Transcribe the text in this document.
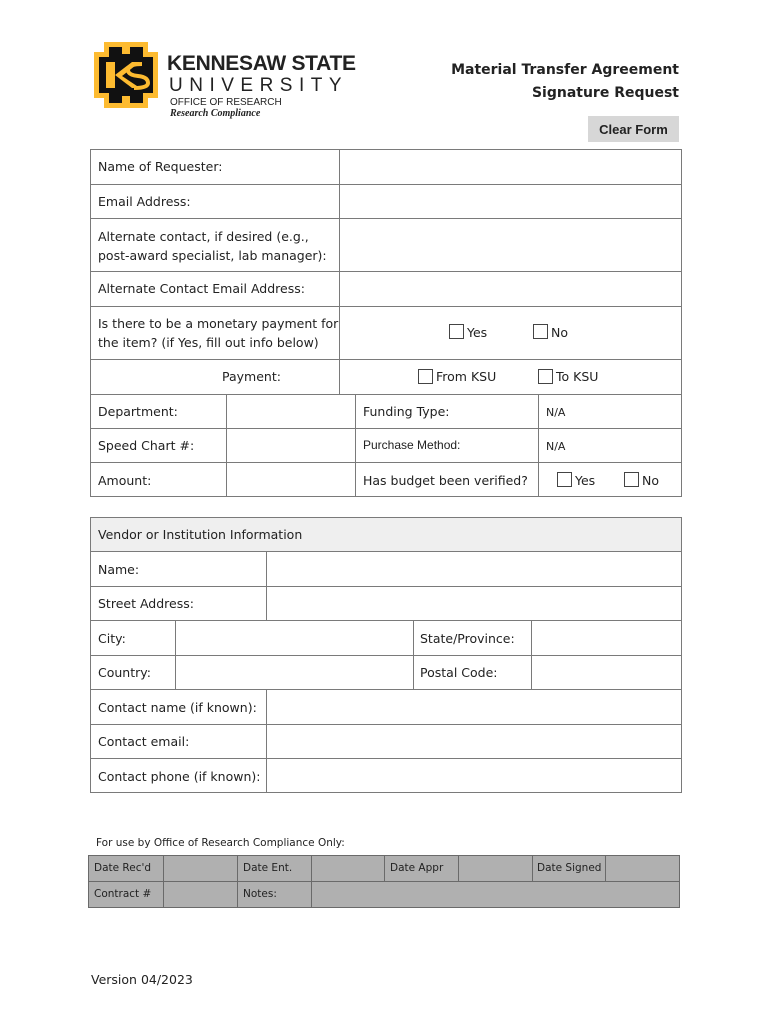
KENNESAW STATE
UNIVERSITY
OFFICE OF RESEARCH
Research Compliance
Material Transfer Agreement
Signature Request
Clear Form
Name of Requester:
Email Address:
Alternate contact, if desired (e.g.,
post-award specialist, lab manager):
Alternate Contact Email Address:
Is there to be a monetary payment for
the item? (if Yes, fill out info below)
Yes	No
Payment:	From KSU	To KSU
Department:	Funding Type:	N/A
Speed Chart #:	Purchase Method:	N/A
Amount:	Has budget been verified?	Yes	No
Vendor or Institution Information
Name:
Street Address:
City:	State/Province:
Country:	Postal Code:
Contact name (if known):
Contact email:
Contact phone (if known):
For use by Office of Research Compliance Only:
Date Rec'd	Date Ent.	Date Appr	Date Signed
Contract #	Notes:
Version 04/2023
